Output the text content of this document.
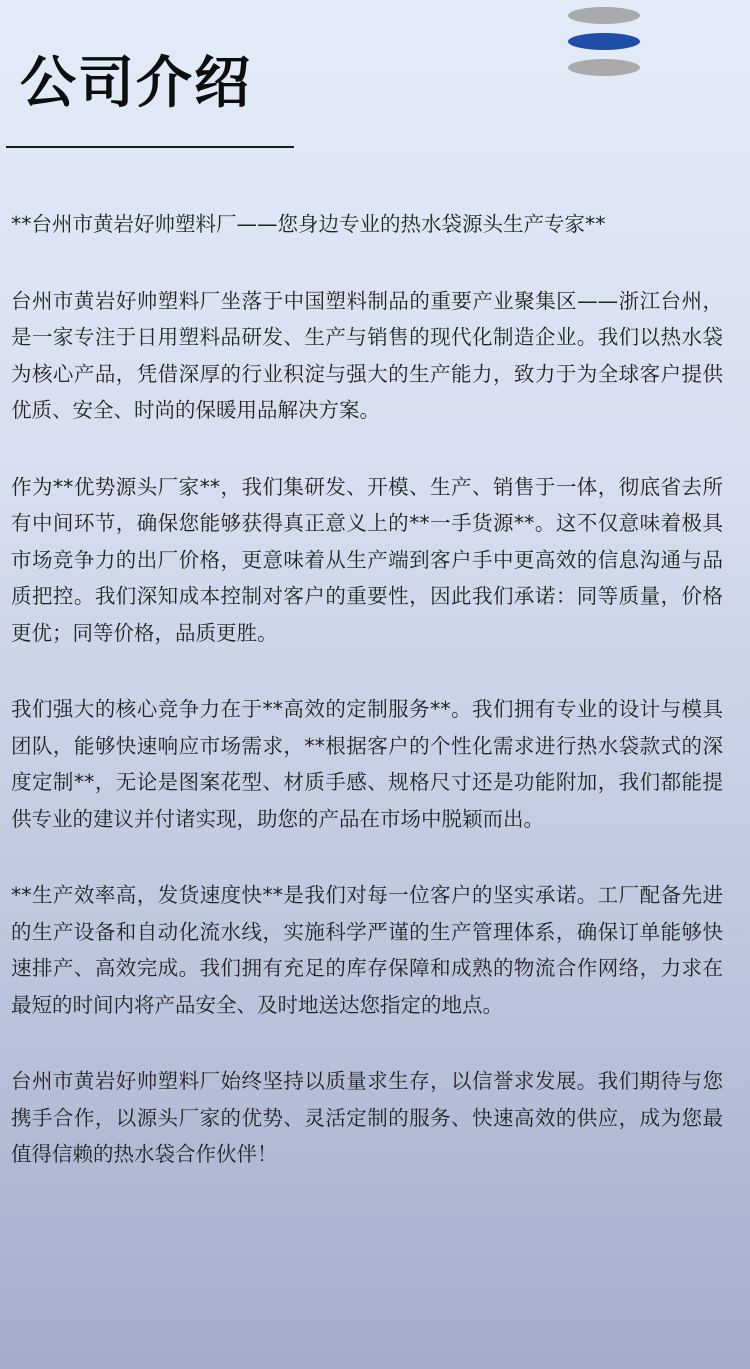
公司介绍

**台州市黄岩好帅塑料厂——您身边专业的热水袋源头生产专家**

台州市黄岩好帅塑料厂坐落于中国塑料制品的重要产业聚集区——浙江台州，是一家专注于日用塑料品研发、生产与销售的现代化制造企业。我们以热水袋为核心产品，凭借深厚的行业积淀与强大的生产能力，致力于为全球客户提供优质、安全、时尚的保暖用品解决方案。

作为**优势源头厂家**，我们集研发、开模、生产、销售于一体，彻底省去所有中间环节，确保您能够获得真正意义上的**一手货源**。这不仅意味着极具市场竞争力的出厂价格，更意味着从生产端到客户手中更高效的信息沟通与品质把控。我们深知成本控制对客户的重要性，因此我们承诺：同等质量，价格更优；同等价格，品质更胜。

我们强大的核心竞争力在于**高效的定制服务**。我们拥有专业的设计与模具团队，能够快速响应市场需求，**根据客户的个性化需求进行热水袋款式的深度定制**，无论是图案花型、材质手感、规格尺寸还是功能附加，我们都能提供专业的建议并付诸实现，助您的产品在市场中脱颖而出。

**生产效率高，发货速度快**是我们对每一位客户的坚实承诺。工厂配备先进的生产设备和自动化流水线，实施科学严谨的生产管理体系，确保订单能够快速排产、高效完成。我们拥有充足的库存保障和成熟的物流合作网络，力求在最短的时间内将产品安全、及时地送达您指定的地点。

台州市黄岩好帅塑料厂始终坚持以质量求生存，以信誉求发展。我们期待与您携手合作，以源头厂家的优势、灵活定制的服务、快速高效的供应，成为您最值得信赖的热水袋合作伙伴！
